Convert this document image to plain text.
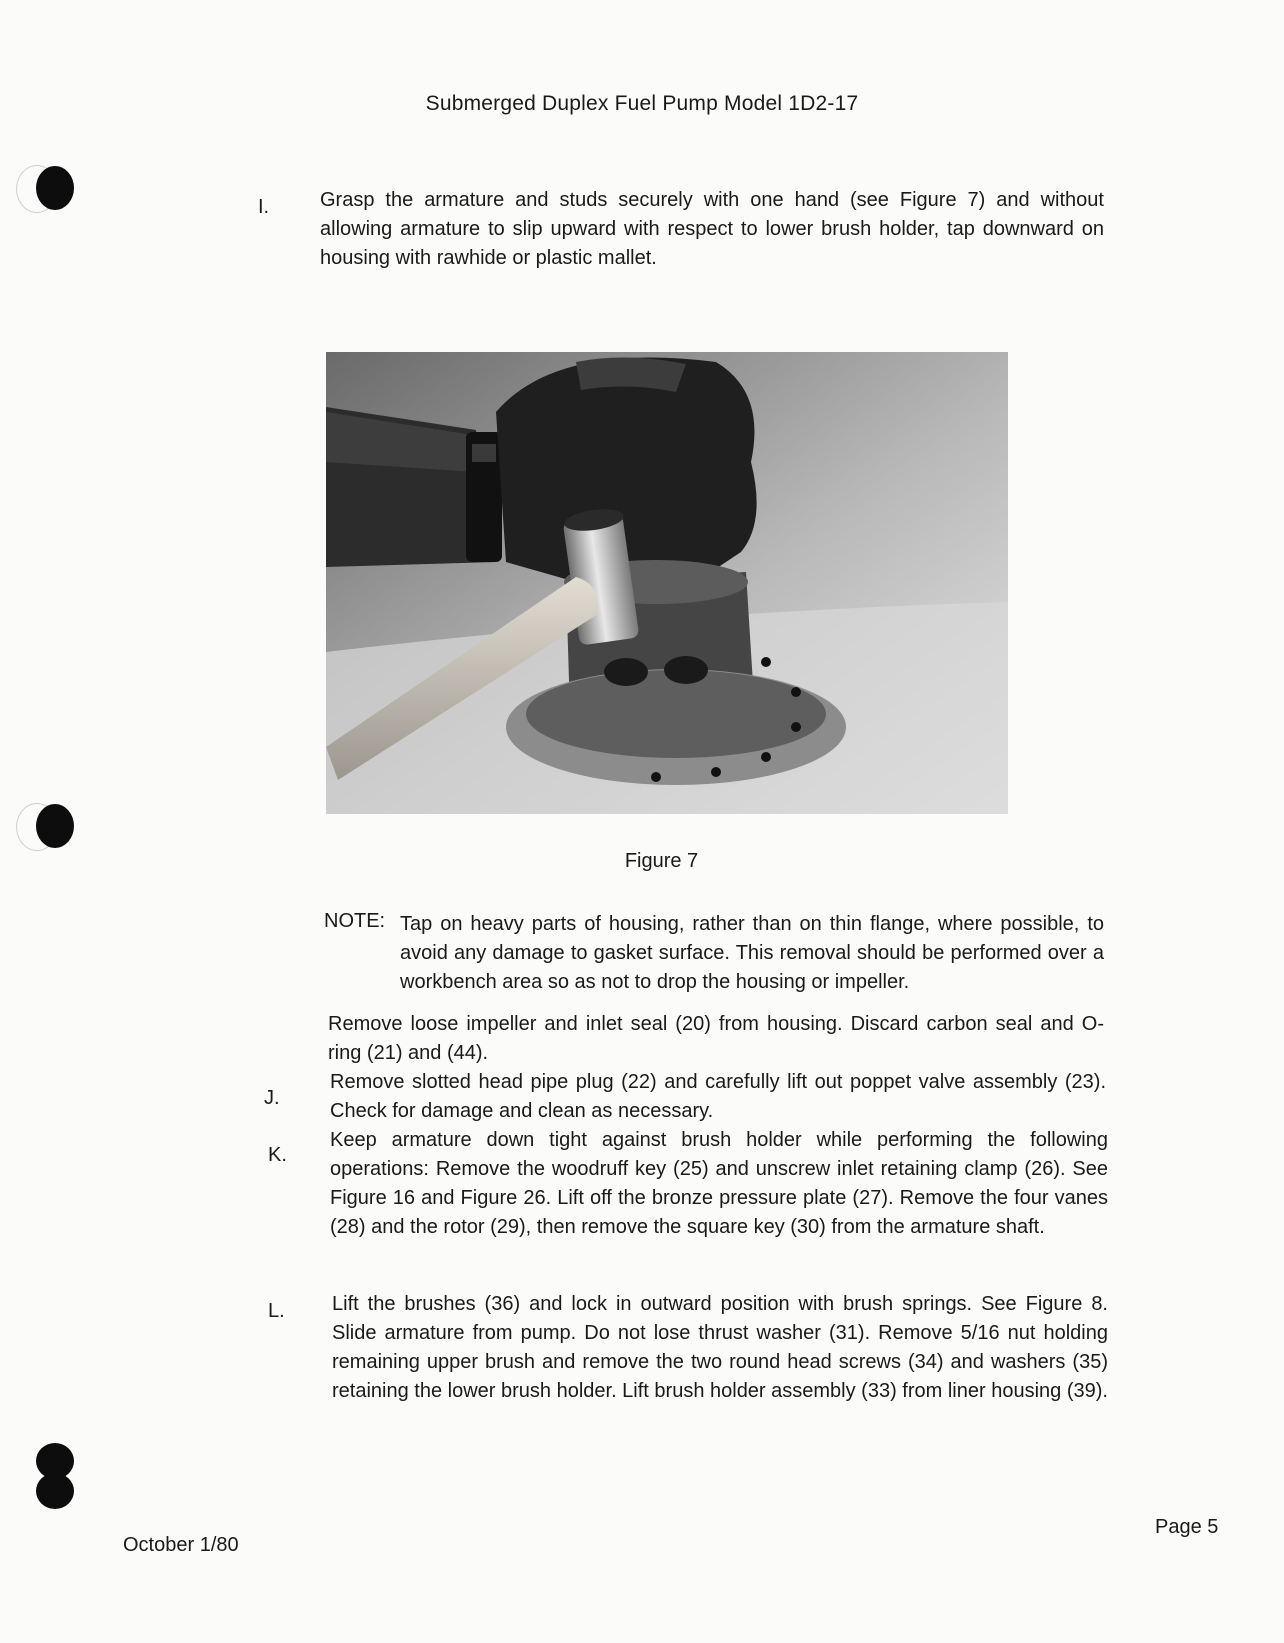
Submerged Duplex Fuel Pump Model 1D2-17
I.	Grasp the armature and studs securely with one hand (see Figure 7) and without allowing armature to slip upward with respect to lower brush holder, tap downward on housing with rawhide or plastic mallet.
Figure 7
NOTE: Tap on heavy parts of housing, rather than on thin flange, where possible, to avoid any damage to gasket surface. This removal should be performed over a workbench area so as not to drop the housing or impeller.
Remove loose impeller and inlet seal (20) from housing. Discard carbon seal and O-ring (21) and (44).
J.
Remove slotted head pipe plug (22) and carefully lift out poppet valve assembly (23). Check for damage and clean as necessary.
K.
Keep armature down tight against brush holder while performing the following operations: Remove the woodruff key (25) and unscrew inlet retaining clamp (26). See Figure 16 and Figure 26. Lift off the bronze pressure plate (27). Remove the four vanes (28) and the rotor (29), then remove the square key (30) from the armature shaft.
L. Lift the brushes (36) and lock in outward position with brush springs. See Figure 8. Slide armature from pump. Do not lose thrust washer (31). Remove 5/16 nut holding remaining upper brush and remove the two round head screws (34) and washers (35) retaining the lower brush holder. Lift brush holder assembly (33) from liner housing (39).
October 1/80
Page 5
